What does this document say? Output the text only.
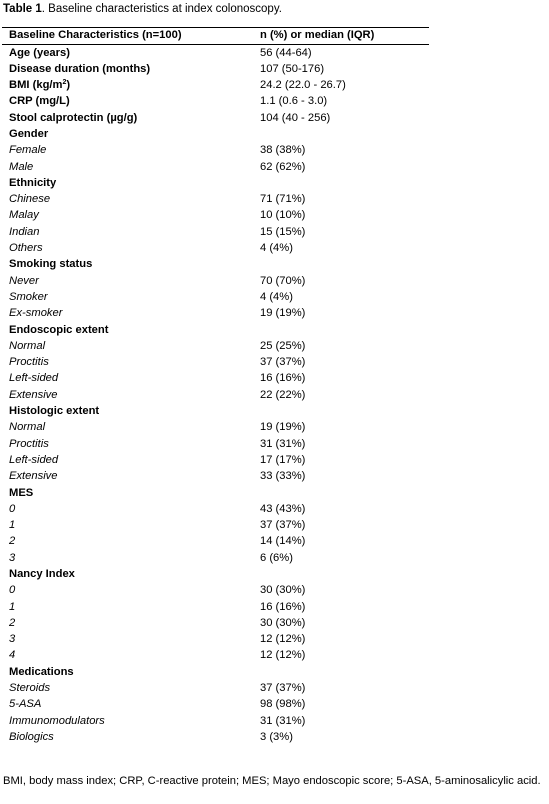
Table 1. Baseline characteristics at index colonoscopy.
Baseline Characteristics (n=100)	n (%) or median (IQR)
Age (years)	56 (44-64)
Disease duration (months)	107 (50-176)
BMI $(kg/m^2)$	24.2 (22.0 - 26.7)
CRP (mg/L)	1.1 (0.6 - 3.0)
Stool calprotectin (µg/g)	104 (40 - 256)
Gender
Female	38 (38%)
Male	62 (62%)
Ethnicity
Chinese	71 (71%)
Malay	10 (10%)
Indian	15 (15%)
Others	4 (4%)
Smoking status
Never	70 (70%)
Smoker	4 (4%)
Ex-smoker	19 (19%)
Endoscopic extent
Normal	25 (25%)
Proctitis	37 (37%)
Left-sided	16 (16%)
Extensive	22 (22%)
Histologic extent
Normal	19 (19%)
Proctitis	31 (31%)
Left-sided	17 (17%)
Extensive	33 (33%)
MES
0	43 (43%)
1	37 (37%)
2	14 (14%)
3	6 (6%)
Nancy Index
0	30 (30%)
1	16 (16%)
2	30 (30%)
3	12 (12%)
4	12 (12%)
Medications
Steroids	37 (37%)
5-ASA	98 (98%)
Immunomodulators	31 (31%)
Biologics	3 (3%)
BMI, body mass index; CRP, C-reactive protein; MES; Mayo endoscopic score; 5-ASA, 5-aminosalicylic acid.
